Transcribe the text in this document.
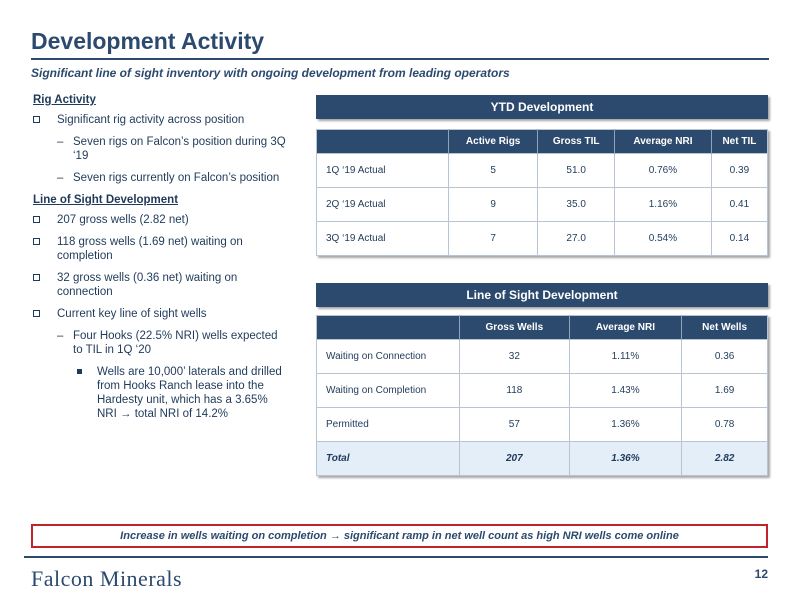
Development Activity
Significant line of sight inventory with ongoing development from leading operators
Rig Activity
Significant rig activity across position
– Seven rigs on Falcon’s position during 3Q ‘19
– Seven rigs currently on Falcon’s position
Line of Sight Development
207 gross wells (2.82 net)
118 gross wells (1.69 net) waiting on completion
32 gross wells (0.36 net) waiting on connection
Current key line of sight wells
– Four Hooks (22.5% NRI) wells expected to TIL in 1Q ‘20
Wells are 10,000’ laterals and drilled from Hooks Ranch lease into the Hardesty unit, which has a 3.65% NRI → total NRI of 14.2%
YTD Development
	Active Rigs	Gross TIL	Average NRI	Net TIL
1Q ‘19 Actual	5	51.0	0.76%	0.39
2Q ‘19 Actual	9	35.0	1.16%	0.41
3Q ‘19 Actual	7	27.0	0.54%	0.14
Line of Sight Development
	Gross Wells	Average NRI	Net Wells
Waiting on Connection	32	1.11%	0.36
Waiting on Completion	118	1.43%	1.69
Permitted	57	1.36%	0.78
Total	207	1.36%	2.82
Increase in wells waiting on completion → significant ramp in net well count as high NRI wells come online
Falcon Minerals	12
